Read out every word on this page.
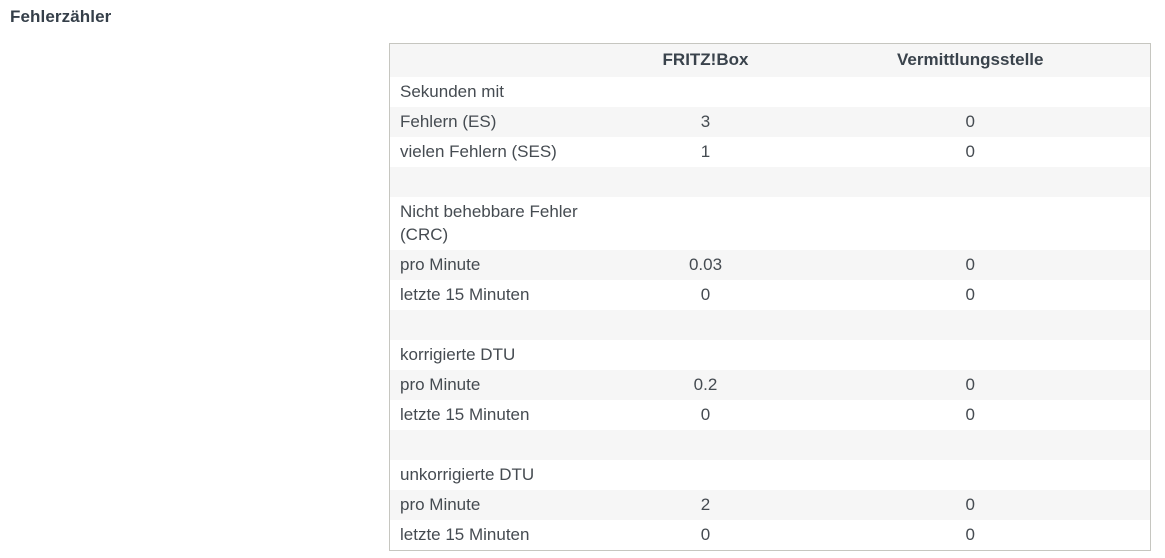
Fehlerzähler
	FRITZ!Box	Vermittlungsstelle
Sekunden mit		
Fehlern (ES)	3	0
vielen Fehlern (SES)	1	0

Nicht behebbare Fehler (CRC)		
pro Minute	0.03	0
letzte 15 Minuten	0	0

korrigierte DTU		
pro Minute	0.2	0
letzte 15 Minuten	0	0

unkorrigierte DTU		
pro Minute	2	0
letzte 15 Minuten	0	0
